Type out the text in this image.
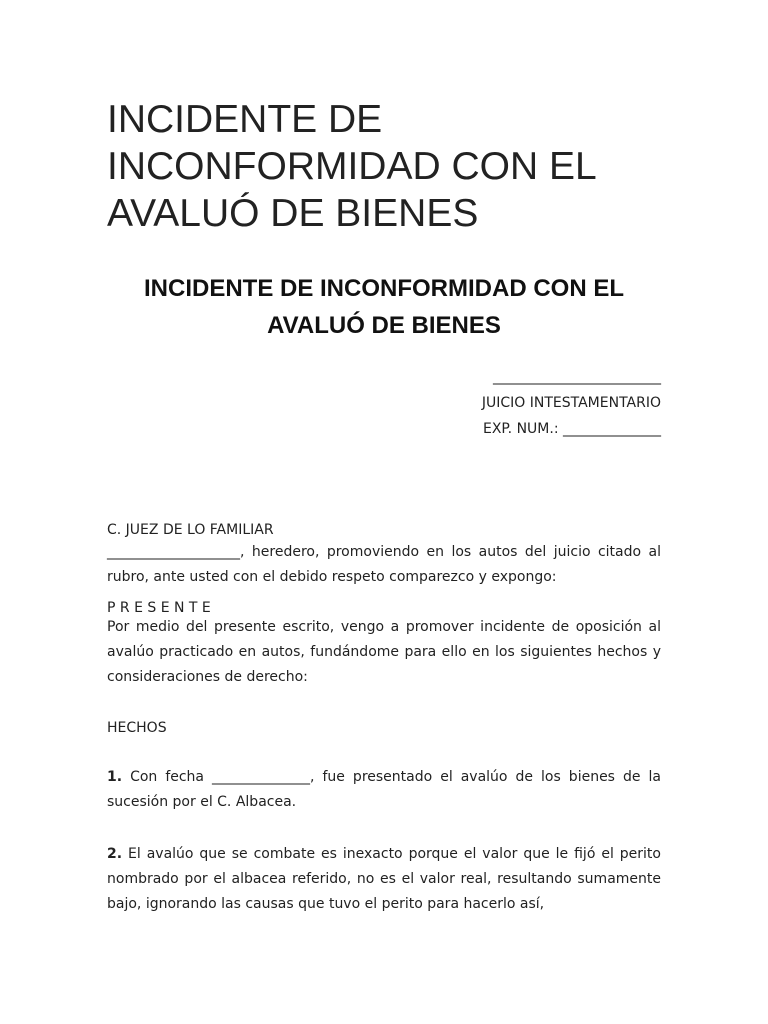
INCIDENTE DE INCONFORMIDAD CON EL AVALUÓ DE BIENES
INCIDENTE DE INCONFORMIDAD CON EL
AVALUÓ DE BIENES
________________________
JUICIO INTESTAMENTARIO
EXP. NUM.: ______________

C. JUEZ DE LO FAMILIAR

P R E S E N T E

___________________, heredero, promoviendo en los autos del juicio citado al rubro, ante usted con el debido respeto comparezco y expongo:

Por medio del presente escrito, vengo a promover incidente de oposición al avalúo practicado en autos, fundándome para ello en los siguientes hechos y consideraciones de derecho:

HECHOS

1. Con fecha ______________, fue presentado el avalúo de los bienes de la sucesión por el C. Albacea.

2. El avalúo que se combate es inexacto porque el valor que le fijó el perito nombrado por el albacea referido, no es el valor real, resultando sumamente bajo, ignorando las causas que tuvo el perito para hacerlo así,
